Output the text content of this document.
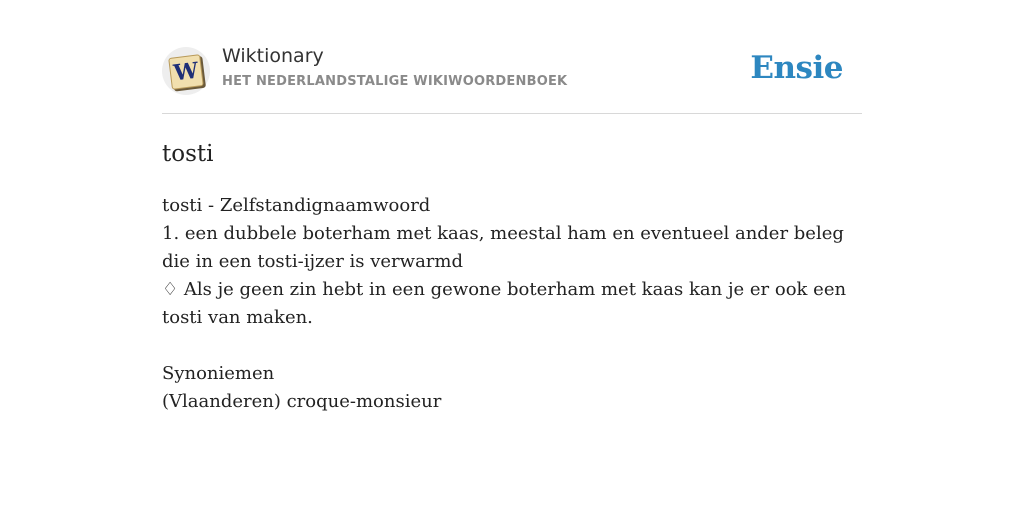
W
Wiktionary
HET NEDERLANDSTALIGE WIKIWOORDENBOEK	Ensie
tosti

tosti - Zelfstandignaamwoord

1. een dubbele boterham met kaas, meestal ham en eventueel ander beleg die in een tosti-ijzer is verwarmd

♢ Als je geen zin hebt in een gewone boterham met kaas kan je er ook een tosti van maken.

Synoniemen

(Vlaanderen) croque-monsieur
